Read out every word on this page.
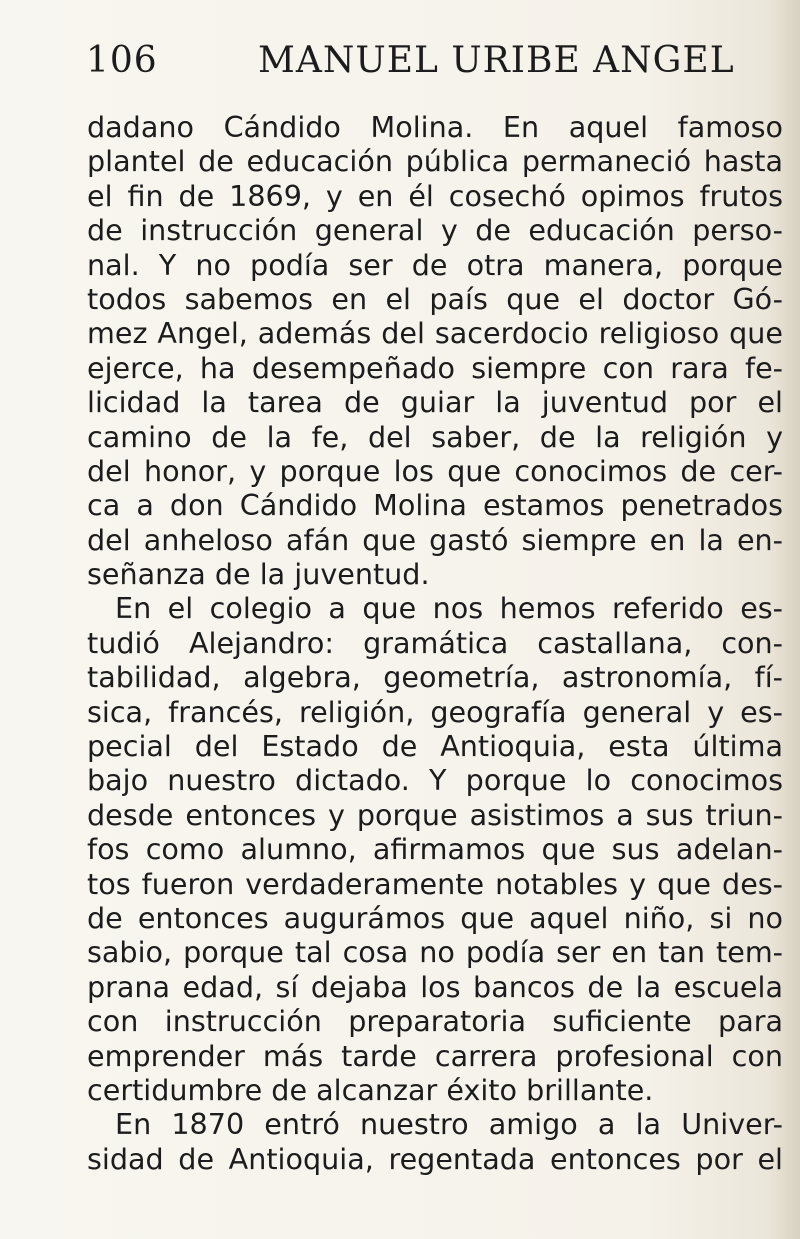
106	MANUEL URIBE ANGEL
dadano Cándido Molina. En aquel famoso
plantel de educación pública permaneció hasta
el fin de 1869, y en él cosechó opimos frutos
de instrucción general y de educación perso-
nal. Y no podía ser de otra manera, porque
todos sabemos en el país que el doctor Gó-
mez Angel, además del sacerdocio religioso que
ejerce, ha desempeñado siempre con rara fe-
licidad la tarea de guiar la juventud por el
camino de la fe, del saber, de la religión y
del honor, y porque los que conocimos de cer-
ca a don Cándido Molina estamos penetrados
del anheloso afán que gastó siempre en la en-
señanza de la juventud.
En el colegio a que nos hemos referido es-
tudió Alejandro: gramática castallana, con-
tabilidad, algebra, geometría, astronomía, fí-
sica, francés, religión, geografía general y es-
pecial del Estado de Antioquia, esta última
bajo nuestro dictado. Y porque lo conocimos
desde entonces y porque asistimos a sus triun-
fos como alumno, afirmamos que sus adelan-
tos fueron verdaderamente notables y que des-
de entonces augurámos que aquel niño, si no
sabio, porque tal cosa no podía ser en tan tem-
prana edad, sí dejaba los bancos de la escuela
con instrucción preparatoria suficiente para
emprender más tarde carrera profesional con
certidumbre de alcanzar éxito brillante.
En 1870 entró nuestro amigo a la Univer-
sidad de Antioquia, regentada entonces por el
